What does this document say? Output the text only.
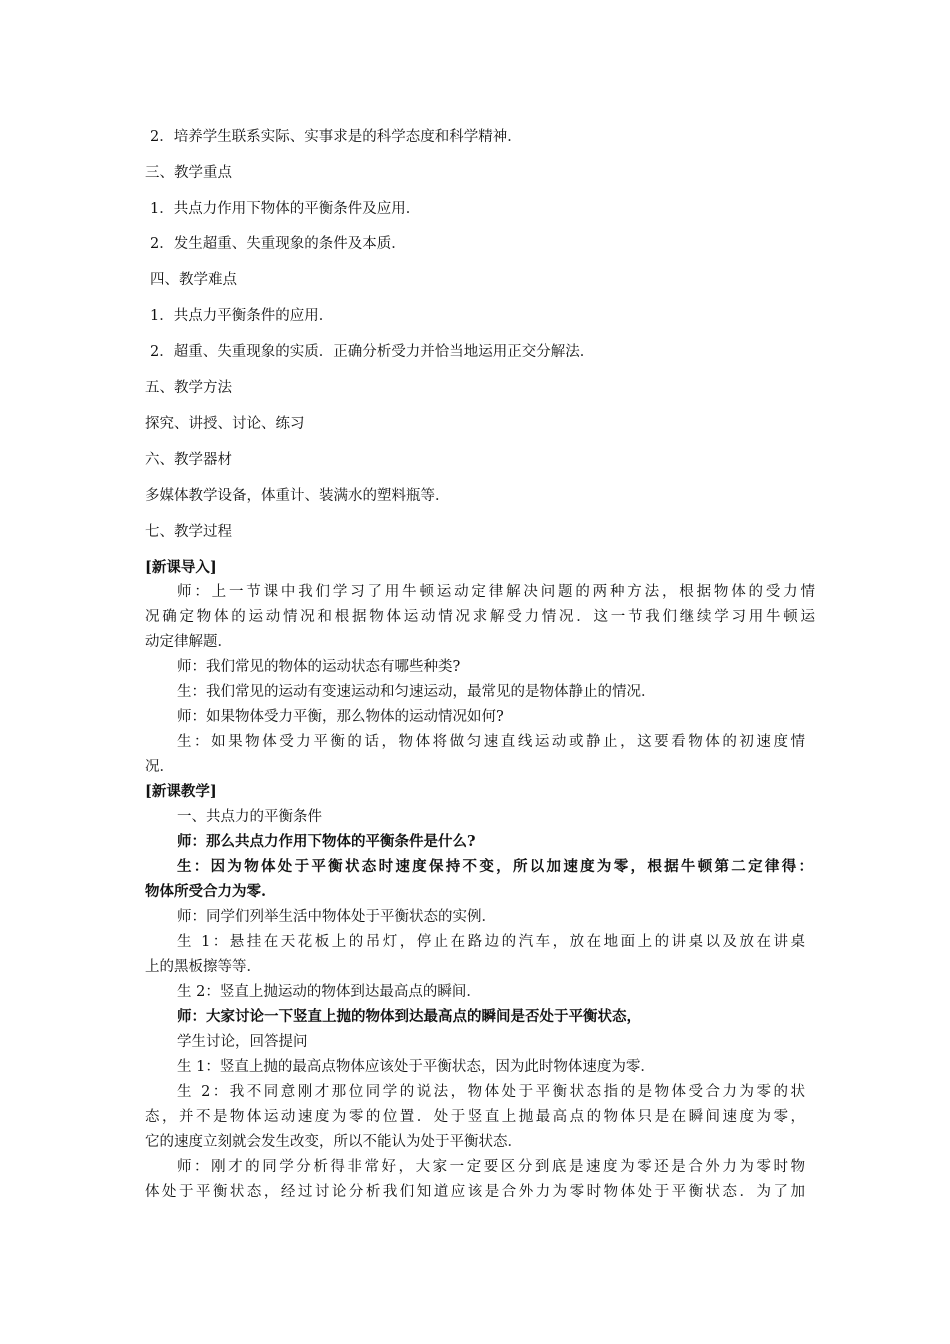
2．培养学生联系实际、实事求是的科学态度和科学精神．
三、教学重点
1．共点力作用下物体的平衡条件及应用．
2．发生超重、失重现象的条件及本质．
四、教学难点
1．共点力平衡条件的应用．
2．超重、失重现象的实质．正确分析受力并恰当地运用正交分解法．
五、教学方法
探究、讲授、讨论、练习
六、教学器材
多媒体教学设备，体重计、装满水的塑料瓶等．
七、教学过程
[新课导入]
师：上一节课中我们学习了用牛顿运动定律解决问题的两种方法，根据物体的受力情
况确定物体的运动情况和根据物体运动情况求解受力情况．这一节我们继续学习用牛顿运
动定律解题．
师：我们常见的物体的运动状态有哪些种类?
生：我们常见的运动有变速运动和匀速运动，最常见的是物体静止的情况．
师：如果物体受力平衡，那么物体的运动情况如何?
生：如果物体受力平衡的话，物体将做匀速直线运动或静止，这要看物体的初速度情
况．
[新课教学]
一、共点力的平衡条件
师：那么共点力作用下物体的平衡条件是什么?
生：因为物体处于平衡状态时速度保持不变，所以加速度为零，根据牛顿第二定律得：
物体所受合力为零.
师：同学们列举生活中物体处于平衡状态的实例．
生 1：悬挂在天花板上的吊灯，停止在路边的汽车，放在地面上的讲桌以及放在讲桌
上的黑板擦等等．
生 2：竖直上抛运动的物体到达最高点的瞬间．
师：大家讨论一下竖直上抛的物体到达最高点的瞬间是否处于平衡状态，
学生讨论，回答提问
生 1：竖直上抛的最高点物体应该处于平衡状态，因为此时物体速度为零．
生 2：我不同意刚才那位同学的说法，物体处于平衡状态指的是物体受合力为零的状
态，并不是物体运动速度为零的位置．处于竖直上抛最高点的物体只是在瞬间速度为零，
它的速度立刻就会发生改变，所以不能认为处于平衡状态．
师：刚才的同学分析得非常好，大家一定要区分到底是速度为零还是合外力为零时物
体处于平衡状态，经过讨论分析我们知道应该是合外力为零时物体处于平衡状态．为了加
